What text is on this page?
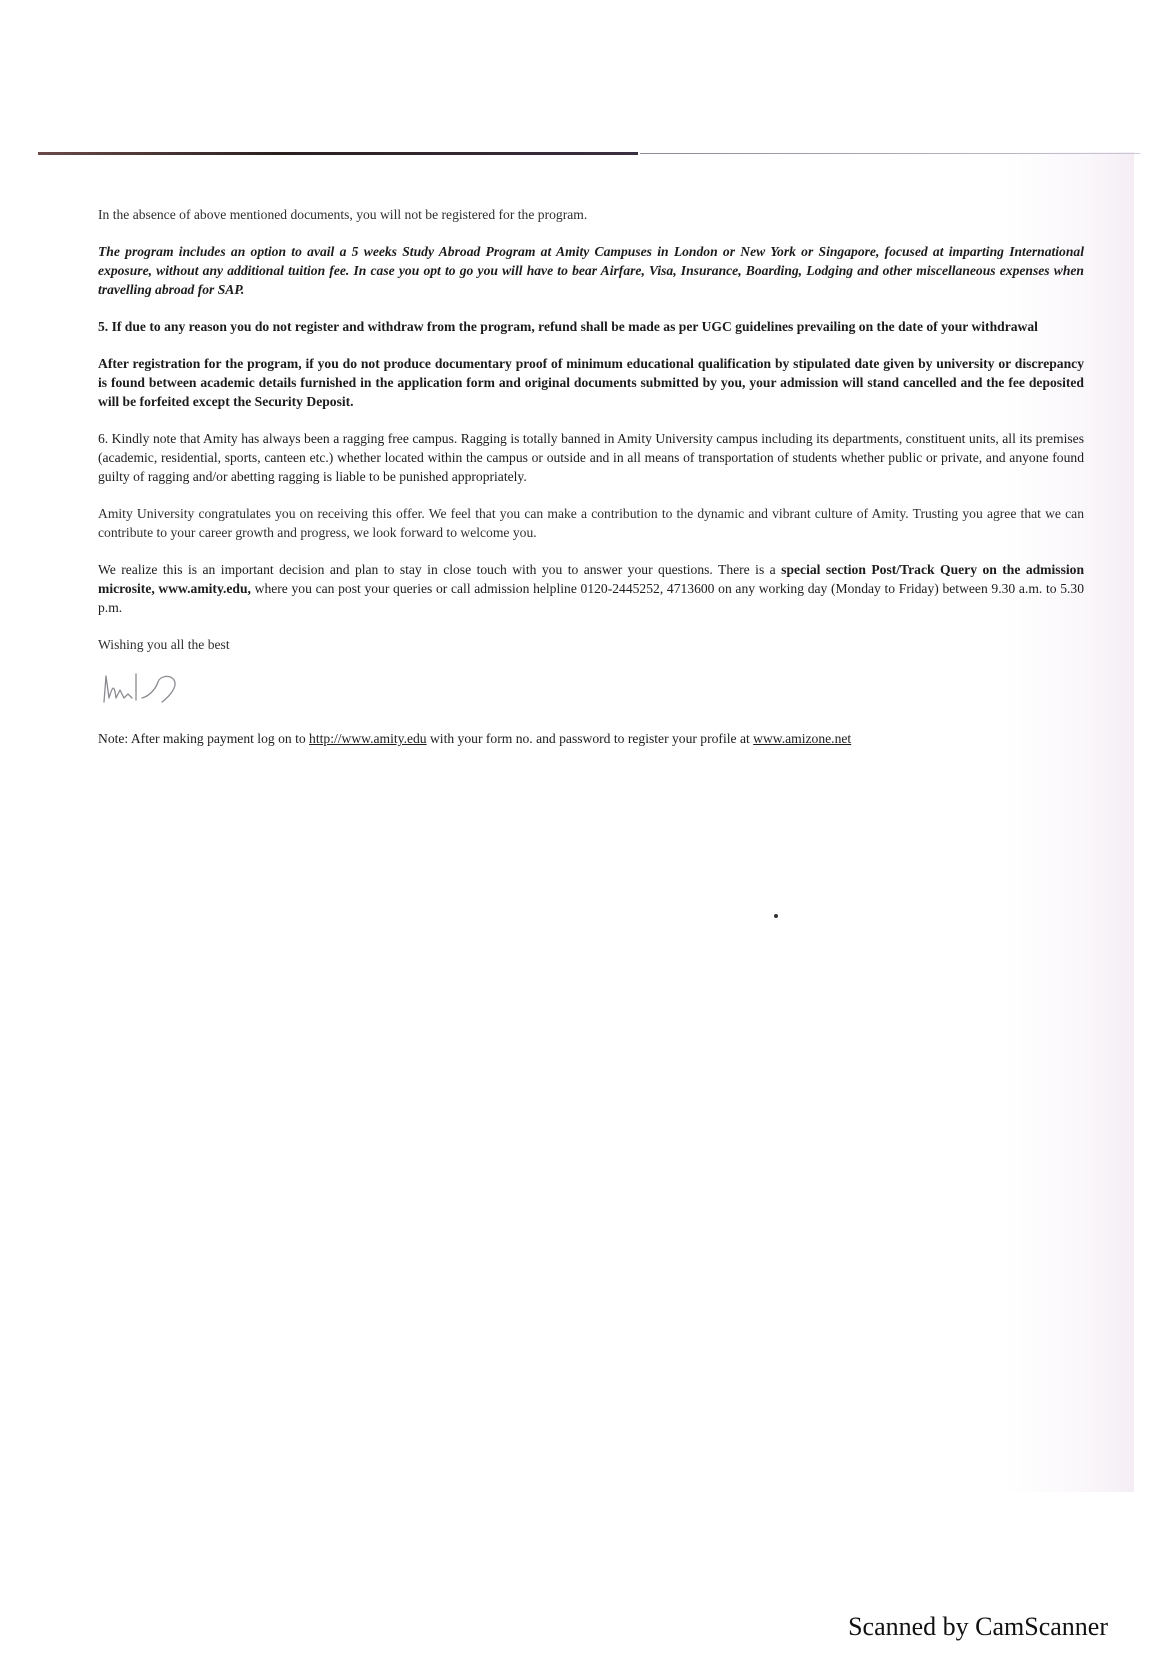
In the absence of above mentioned documents, you will not be registered for the program.

The program includes an option to avail a 5 weeks Study Abroad Program at Amity Campuses in London or New York or Singapore, focused at imparting International exposure, without any additional tuition fee. In case you opt to go you will have to bear Airfare, Visa, Insurance, Boarding, Lodging and other miscellaneous expenses when travelling abroad for SAP.

5. If due to any reason you do not register and withdraw from the program, refund shall be made as per UGC guidelines prevailing on the date of your withdrawal

After registration for the program, if you do not produce documentary proof of minimum educational qualification by stipulated date given by university or discrepancy is found between academic details furnished in the application form and original documents submitted by you, your admission will stand cancelled and the fee deposited will be forfeited except the Security Deposit.

6. Kindly note that Amity has always been a ragging free campus. Ragging is totally banned in Amity University campus including its departments, constituent units, all its premises (academic, residential, sports, canteen etc.) whether located within the campus or outside and in all means of transportation of students whether public or private, and anyone found guilty of ragging and/or abetting ragging is liable to be punished appropriately.

Amity University congratulates you on receiving this offer. We feel that you can make a contribution to the dynamic and vibrant culture of Amity. Trusting you agree that we can contribute to your career growth and progress, we look forward to welcome you.

We realize this is an important decision and plan to stay in close touch with you to answer your questions. There is a special section Post/Track Query on the admission microsite, www.amity.edu, where you can post your queries or call admission helpline 0120-2445252, 4713600 on any working day (Monday to Friday) between 9.30 a.m. to 5.30 p.m.

Wishing you all the best

Note: After making payment log on to http://www.amity.edu with your form no. and password to register your profile at www.amizone.net
Scanned by CamScanner
